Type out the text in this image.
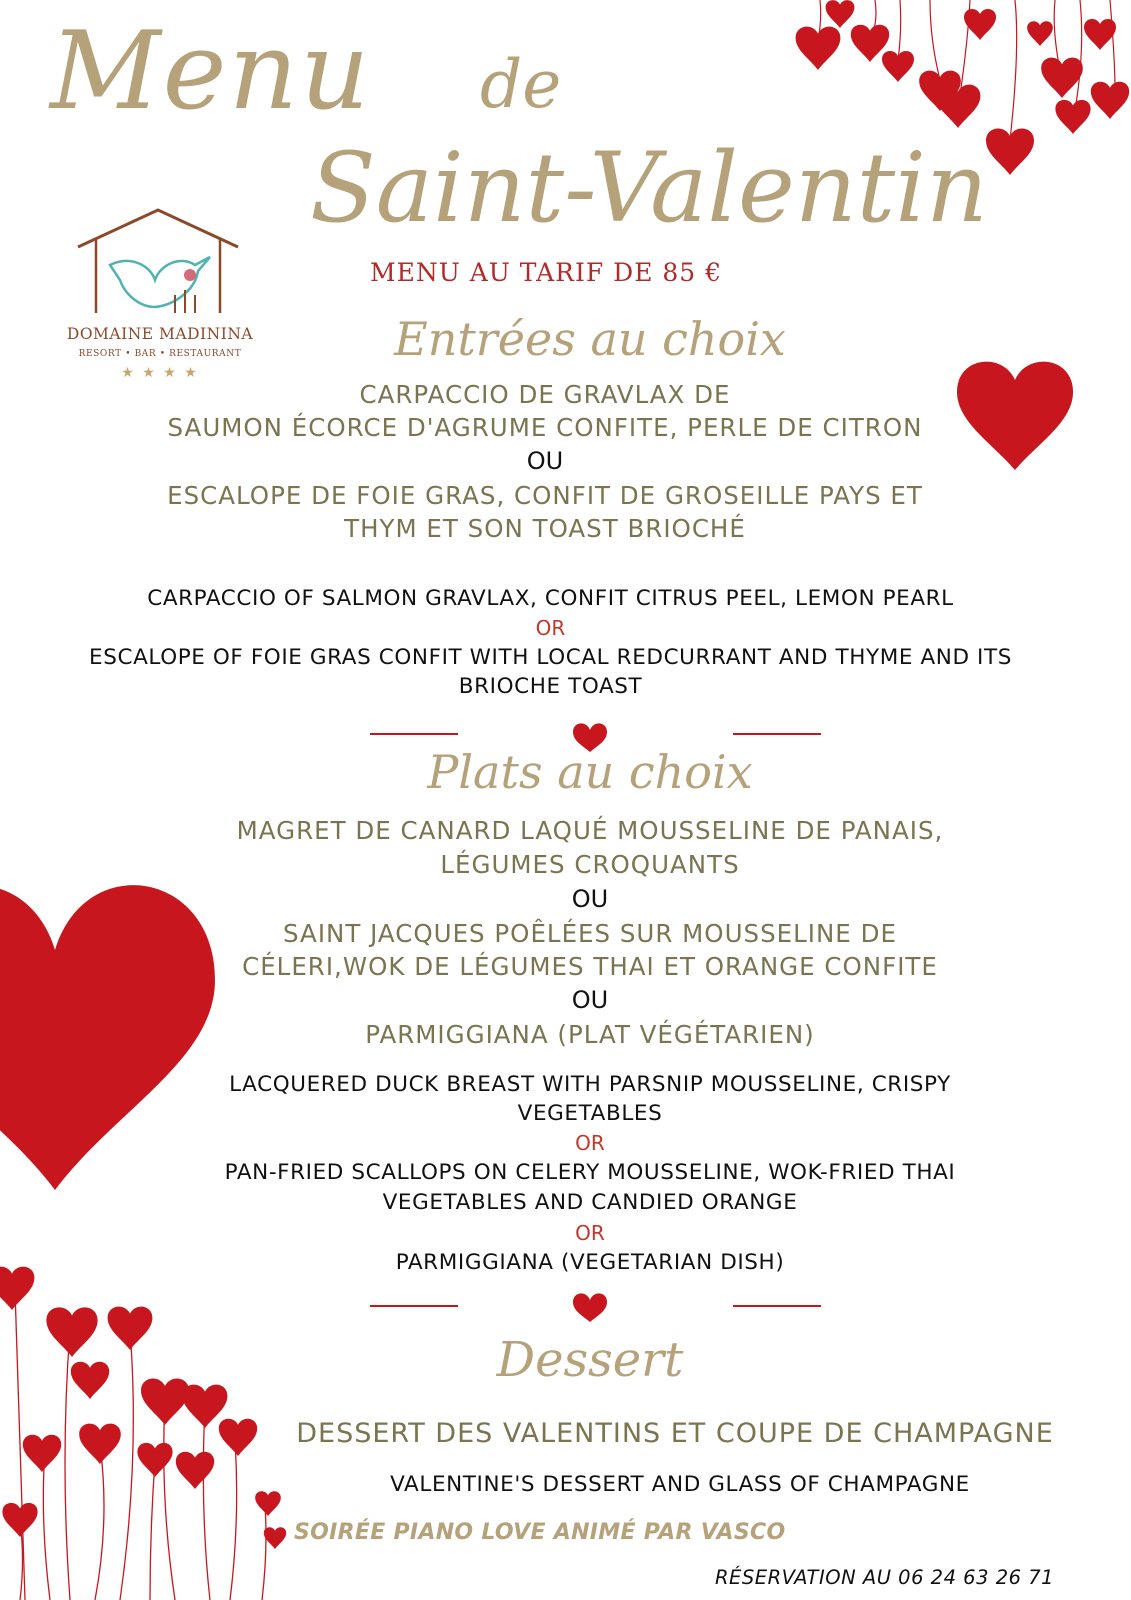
Menu de
Saint-Valentin
MENU AU TARIF DE 85 €
DOMAINE MADININA
RESORT • BAR • RESTAURANT
★ ★ ★ ★
Entrées au choix
CARPACCIO DE GRAVLAX DE
SAUMON ÉCORCE D'AGRUME CONFITE, PERLE DE CITRON
OU
ESCALOPE DE FOIE GRAS, CONFIT DE GROSEILLE PAYS ET
THYM ET SON TOAST BRIOCHÉ
CARPACCIO OF SALMON GRAVLAX, CONFIT CITRUS PEEL, LEMON PEARL
OR
ESCALOPE OF FOIE GRAS CONFIT WITH LOCAL REDCURRANT AND THYME AND ITS
BRIOCHE TOAST
Plats au choix
MAGRET DE CANARD LAQUÉ MOUSSELINE DE PANAIS,
LÉGUMES CROQUANTS
OU
SAINT JACQUES POÊLÉES SUR MOUSSELINE DE
CÉLERI,WOK DE LÉGUMES THAI ET ORANGE CONFITE
OU
PARMIGGIANA (PLAT VÉGÉTARIEN)
LACQUERED DUCK BREAST WITH PARSNIP MOUSSELINE, CRISPY
VEGETABLES
OR
PAN-FRIED SCALLOPS ON CELERY MOUSSELINE, WOK-FRIED THAI
VEGETABLES AND CANDIED ORANGE
OR
PARMIGGIANA (VEGETARIAN DISH)
Dessert
DESSERT DES VALENTINS ET COUPE DE CHAMPAGNE
VALENTINE'S DESSERT AND GLASS OF CHAMPAGNE
SOIRÉE PIANO LOVE ANIMÉ PAR VASCO
RÉSERVATION AU 06 24 63 26 71
